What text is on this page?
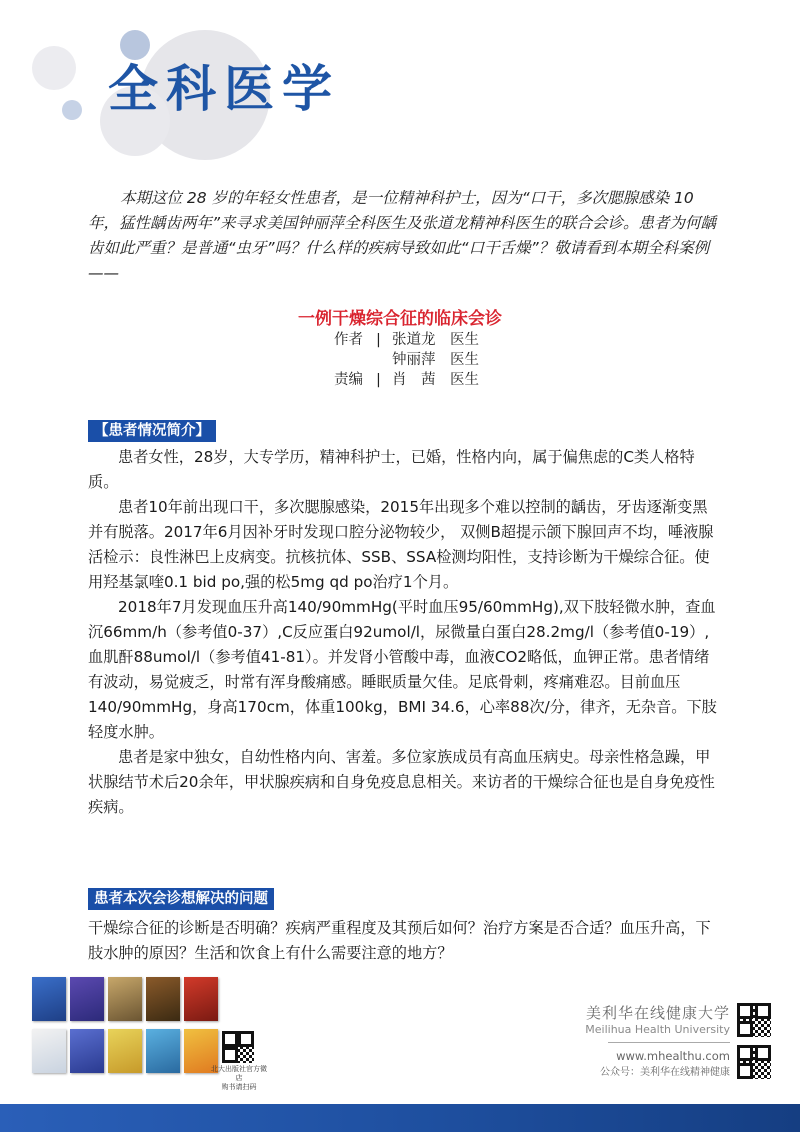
全科医学

本期这位 28 岁的年轻女性患者，是一位精神科护士，因为“口干，多次腮腺感染 10 年，猛性龋齿两年”来寻求美国钟丽萍全科医生及张道龙精神科医生的联合会诊。患者为何龋齿如此严重？是普通“虫牙”吗？什么样的疾病导致如此“口干舌燥”？敬请看到本期全科案例——

一例干燥综合征的临床会诊
作者 | 张道龙	医生
钟丽萍	医生
责编 | 肖　茜	医生
【患者情况简介】

患者女性，28岁，大专学历，精神科护士，已婚，性格内向，属于偏焦虑的C类人格特质。

患者10年前出现口干，多次腮腺感染，2015年出现多个难以控制的龋齿，牙齿逐渐变黑并有脱落。2017年6月因补牙时发现口腔分泌物较少， 双侧B超提示颌下腺回声不均，唾液腺活检示：良性淋巴上皮病变。抗核抗体、SSB、SSA检测均阳性，支持诊断为干燥综合征。使用羟基氯喹0.1 bid po,强的松5mg qd po治疗1个月。

2018年7月发现血压升高140/90mmHg(平时血压95/60mmHg),双下肢轻微水肿，查血沉66mm/h（参考值0-37）,C反应蛋白92umol/l，尿微量白蛋白28.2mg/l（参考值0-19）,血肌酐88umol/l（参考值41-81）。并发肾小管酸中毒，血液CO2略低，血钾正常。患者情绪有波动，易觉疲乏，时常有浑身酸痛感。睡眠质量欠佳。足底骨刺，疼痛难忍。目前血压 140/90mmHg，身高170cm，体重100kg，BMI 34.6，心率88次/分，律齐，无杂音。下肢轻度水肿。

患者是家中独女，自幼性格内向、害羞。多位家族成员有高血压病史。母亲性格急躁，甲状腺结节术后20余年，甲状腺疾病和自身免疫息息相关。来访者的干燥综合征也是自身免疫性疾病。

患者本次会诊想解决的问题

干燥综合征的诊断是否明确？疾病严重程度及其预后如何？治疗方案是否合适？血压升高，下肢水肿的原因？生活和饮食上有什么需要注意的地方？

北大出版社官方微店
购书请扫码
美利华在线健康大学
Meilihua Health University
www.mhealthu.com
公众号：美利华在线精神健康
